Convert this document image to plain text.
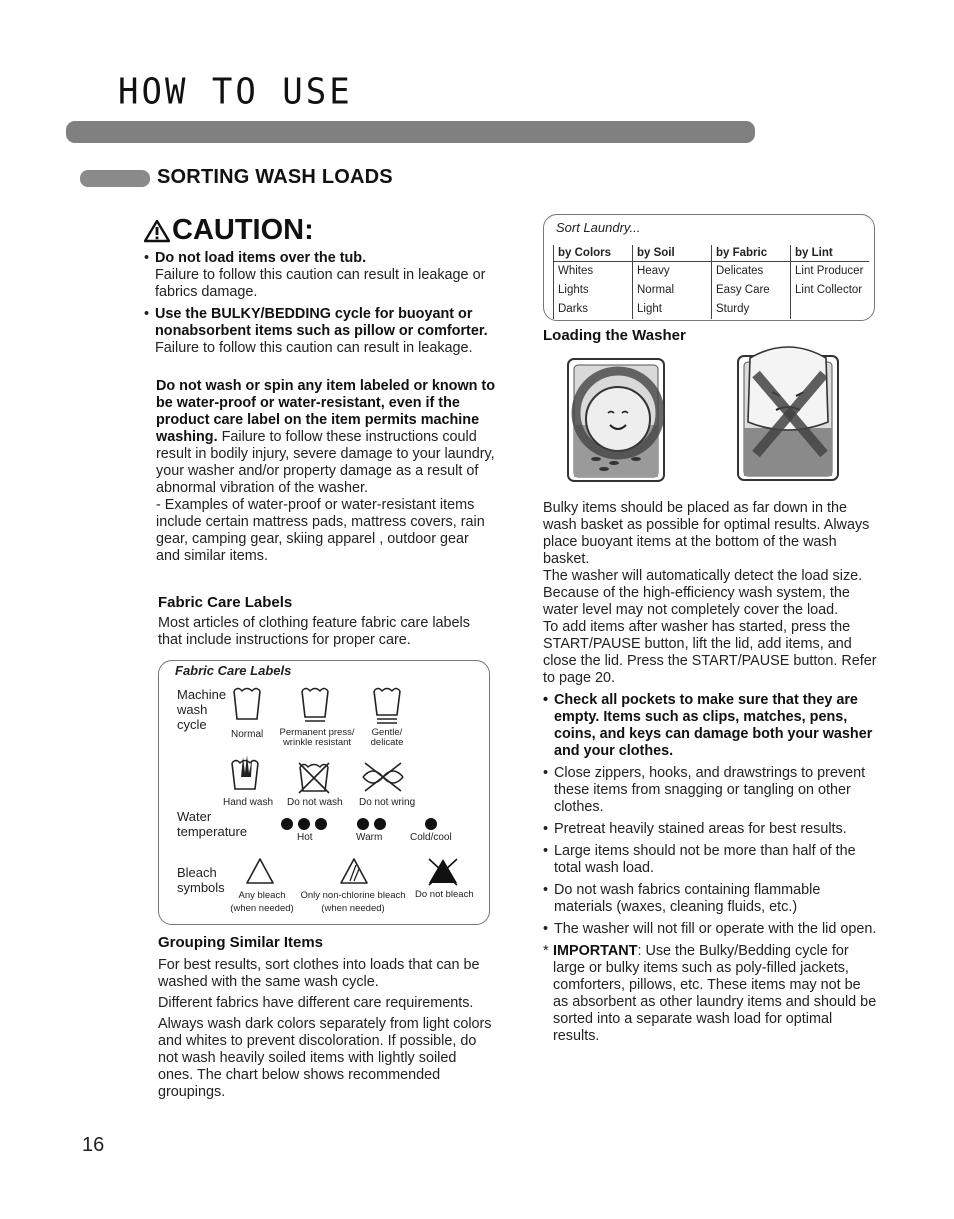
HOW TO USE
SORTING WASH LOADS
CAUTION:
• Do not load items over the tub.
Failure to follow this caution can result in leakage or fabrics damage.
• Use the BULKY/BEDDING cycle for buoyant or nonabsorbent items such as pillow or comforter.
Failure to follow this caution can result in leakage.
Do not wash or spin any item labeled or known to be water-proof or water-resistant, even if the product care label on the item permits machine washing. Failure to follow these instructions could result in bodily injury, severe damage to your laundry, your washer and/or property damage as a result of abnormal vibration of the washer.
- Examples of water-proof or water-resistant items include certain mattress pads, mattress covers, rain gear, camping gear, skiing apparel , outdoor gear and similar items.
Fabric Care Labels
Most articles of clothing feature fabric care labels that include instructions for proper care.
Fabric Care Labels
Machine
wash
cycle
Normal	Permanent press/
wrinkle resistant
Gentle/
delicate
Hand wash Do not wash Do not wring
Water
temperature	Hot	Warm	Cold/cool
Bleach
symbols
Any bleach
(when needed)
Only non-chlorine bleach
(when needed)
Do not bleach
Grouping Similar Items

For best results, sort clothes into loads that can be washed with the same wash cycle.

Different fabrics have different care requirements.

Always wash dark colors separately from light colors and whites to prevent discoloration. If possible, do not wash heavily soiled items with lightly soiled ones. The chart below shows recommended groupings.

Sort Laundry...
by Colors	by Soil	by Fabric	by Lint
Whites	Heavy	Delicates	Lint Producer
Lights	Normal	Easy Care	Lint Collector
Darks	Light	Sturdy	
Loading the Washer

Bulky items should be placed as far down in the wash basket as possible for optimal results. Always place buoyant items at the bottom of the wash basket.

The washer will automatically detect the load size. Because of the high-efficiency wash system, the water level may not completely cover the load.

To add items after washer has started, press the START/PAUSE button, lift the lid, add items, and close the lid. Press the START/PAUSE button. Refer to page 20.

• Check all pockets to make sure that they are empty. Items such as clips, matches, pens, coins, and keys can damage both your washer and your clothes.
• Close zippers, hooks, and drawstrings to prevent these items from snagging or tangling on other clothes.
• Pretreat heavily stained areas for best results.
• Large items should not be more than half of the total wash load.
• Do not wash fabrics containing flammable materials (waxes, cleaning fluids, etc.)
• The washer will not fill or operate with the lid open.
* IMPORTANT: Use the Bulky/Bedding cycle for large or bulky items such as poly-filled jackets, comforters, pillows, etc. These items may not be as absorbent as other laundry items and should be sorted into a separate wash load for optimal results.
16
